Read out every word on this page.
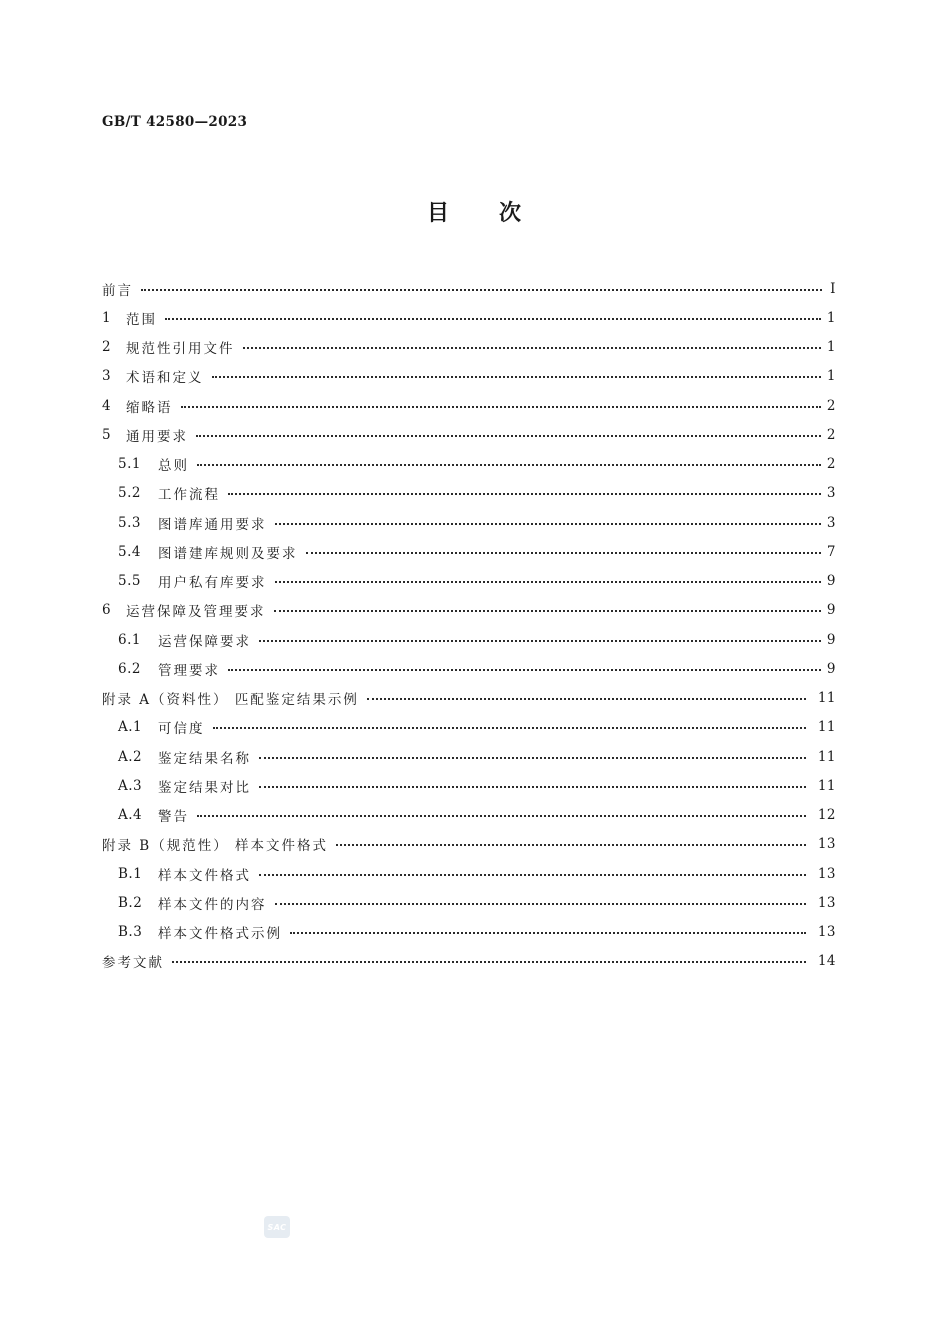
GB/T 42580—2023
目 次
前言	Ⅰ
1	范围	1
2	规范性引用文件	1
3	术语和定义	1
4	缩略语	2
5	通用要求	2
5.1	总则	2
5.2	工作流程	3
5.3	图谱库通用要求	3
5.4	图谱建库规则及要求	7
5.5	用户私有库要求	9
6	运营保障及管理要求	9
6.1	运营保障要求	9
6.2	管理要求	9
附录 A（资料性） 匹配鉴定结果示例	11
A.1	可信度	11
A.2	鉴定结果名称	11
A.3	鉴定结果对比	11
A.4	警告	12
附录 B（规范性） 样本文件格式	13
B.1	样本文件格式	13
B.2	样本文件的内容	13
B.3	样本文件格式示例	13
参考文献	14
SAC
